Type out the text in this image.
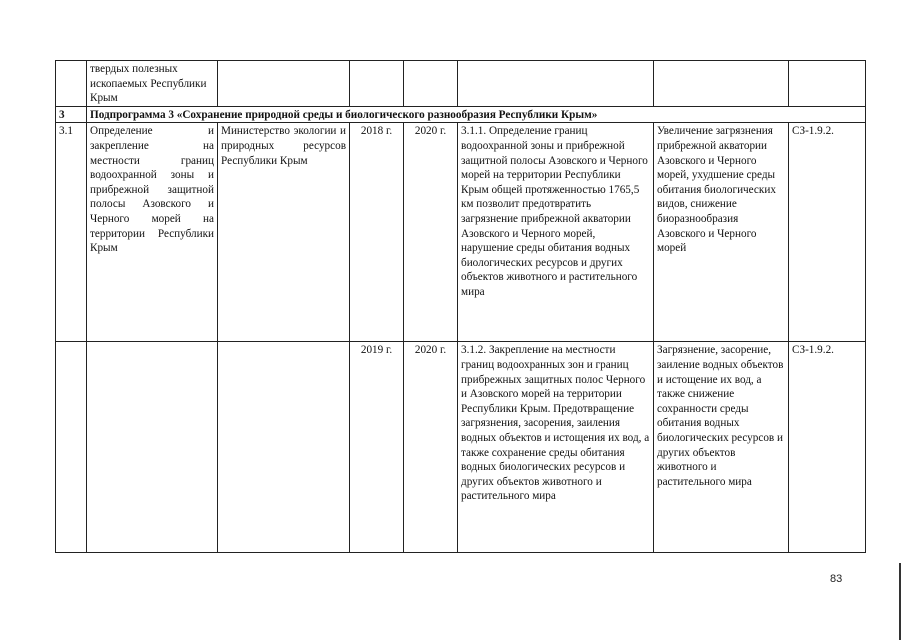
	твердых полезных ископаемых Республики Крым						
3	Подпрограмма 3 «Сохранение природной среды и биологического разнообразия Республики Крым»						
3.1	Определение и закрепление на местности границ водоохранной зоны и прибрежной защитной полосы Азовского и Черного морей на территории Республики Крым	Министерство экологии и природных ресурсов Республики Крым	2018 г.	2020 г.	3.1.1. Определение границ водоохранной зоны и прибрежной защитной полосы Азовского и Черного морей на территории Республики Крым общей протяженностью 1765,5 км позволит предотвратить загрязнение прибрежной акватории Азовского и Черного морей, нарушение среды обитания водных биологических ресурсов и других объектов животного и растительного мира	Увеличение загрязнения прибрежной акватории Азовского и Черного морей, ухудшение среды обитания биологических видов, снижение биоразнообразия Азовского и Черного морей	СЗ-1.9.2.
			2019 г.	2020 г.	3.1.2. Закрепление на местности границ водоохранных зон и границ прибрежных защитных полос Черного и Азовского морей на территории Республики Крым. Предотвращение загрязнения, засорения, заиления водных объектов и истощения их вод, а также сохранение среды обитания водных биологических ресурсов и других объектов животного и растительного мира	Загрязнение, засорение, заиление водных объектов и истощение их вод, а также снижение сохранности среды обитания водных биологических ресурсов и других объектов животного и растительного мира	СЗ-1.9.2.
83
